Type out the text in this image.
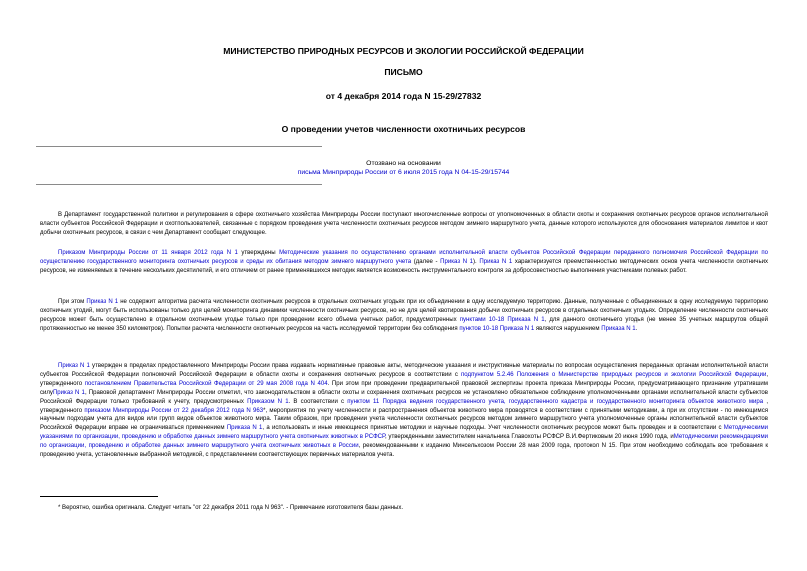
МИНИСТЕРСТВО ПРИРОДНЫХ РЕСУРСОВ И ЭКОЛОГИИ РОССИЙСКОЙ ФЕДЕРАЦИИ
ПИСЬМО
от 4 декабря 2014 года N 15-29/27832
О проведении учетов численности охотничьих ресурсов
Отозвано на основании
письма Минприроды России от 6 июля 2015 года N 04-15-29/15744

В Департамент государственной политики и регулирования в сфере охотничьего хозяйства Минприроды России поступают многочисленные вопросы от уполномоченных в области охоты и сохранения охотничьих ресурсов органов исполнительной власти субъектов Российской Федерации и охотпользователей, связанные с порядком проведения учета численности охотничьих ресурсов методом зимнего маршрутного учета, данные которого используются для обоснования материалов лимитов и квот добычи охотничьих ресурсов, в связи с чем Департамент сообщает следующее.

Приказом Минприроды России от 11 января 2012 года N 1 утверждены Методические указания по осуществлению органами исполнительной власти субъектов Российской Федерации переданного полномочия Российской Федерации по осуществлению государственного мониторинга охотничьих ресурсов и среды их обитания методом зимнего маршрутного учета (далее - Приказ N 1). Приказ N 1 характеризуется преемственностью методических основ учета численности охотничьих ресурсов, не изменяемых в течение нескольких десятилетий, и его отличием от ранее применявшихся методик является возможность инструментального контроля за добросовестностью выполнения участниками полевых работ.

При этом Приказ N 1 не содержит алгоритма расчета численности охотничьих ресурсов в отдельных охотничьих угодьях при их объединении в одну исследуемую территорию. Данные, полученные с объединенных в одну исследуемую территорию охотничьих угодий, могут быть использованы только для целей мониторинга динамики численности охотничьих ресурсов, но не для целей квотирования добычи охотничьих ресурсов в отдельных охотничьих угодьях. Определение численности охотничьих ресурсов может быть осуществлено в отдельном охотничьем угодье только при проведении всего объема учетных работ, предусмотренных пунктами 10-18 Приказа N 1, для данного охотничьего угодья (не менее 35 учетных маршрутов общей протяженностью не менее 350 километров). Попытки расчета численности охотничьих ресурсов на часть исследуемой территории без соблюдения пунктов 10-18 Приказа N 1 являются нарушением Приказа N 1.

Приказ N 1 утвержден в пределах предоставленного Минприроды России права издавать нормативные правовые акты, методические указания и инструктивные материалы по вопросам осуществления переданных органам исполнительной власти субъектов Российской Федерации полномочий Российской Федерации в области охоты и сохранения охотничьих ресурсов в соответствии с подпунктом 5.2.46 Положения о Министерстве природных ресурсов и экологии Российской Федерации, утвержденного постановлением Правительства Российской Федерации от 29 мая 2008 года N 404. При этом при проведении предварительной правовой экспертизы проекта приказа Минприроды России, предусматривающего признание утратившим силуПриказ N 1, Правовой департамент Минприроды России отметил, что законодательством в области охоты и сохранения охотничьих ресурсов не установлено обязательное соблюдение уполномоченными органами исполнительной власти субъектов Российской Федерации только требований к учету, предусмотренных Приказом N 1. В соответствии с пунктом 11 Порядка ведения государственного учета, государственного кадастра и государственного мониторинга объектов животного мира , утвержденного приказом Минприроды России от 22 декабря 2012 года N 963*, мероприятия по учету численности и распространения объектов животного мира проводятся в соответствии с принятыми методиками, а при их отсутствии - по имеющимся научным подходам учета для видов или групп видов объектов животного мира. Таким образом, при проведении учета численности охотничьих ресурсов методом зимнего маршрутного учета уполномоченные органы исполнительной власти субъектов Российской Федерации вправе не ограничиваться применением Приказа N 1, а использовать и иные имеющиеся принятые методики и научные подходы. Учет численности охотничьих ресурсов может быть проведен и в соответствии с Методическими указаниями по организации, проведению и обработке данных зимнего маршрутного учета охотничьих животных в РСФСР, утвержденными заместителем начальника Главохоты РСФСР В.И.Фертиковым 20 июня 1990 года, иМетодическими рекомендациями по организации, проведению и обработке данных зимнего маршрутного учета охотничьих животных в России, рекомендованными к изданию Минсельхозом России 28 мая 2009 года, протокол N 15. При этом необходимо соблюдать все требования к проведению учета, установленные выбранной методикой, с представлением соответствующих первичных материалов учета.

* Вероятно, ошибка оригинала. Следует читать "от 22 декабря 2011 года N 963". - Примечание изготовителя базы данных.
